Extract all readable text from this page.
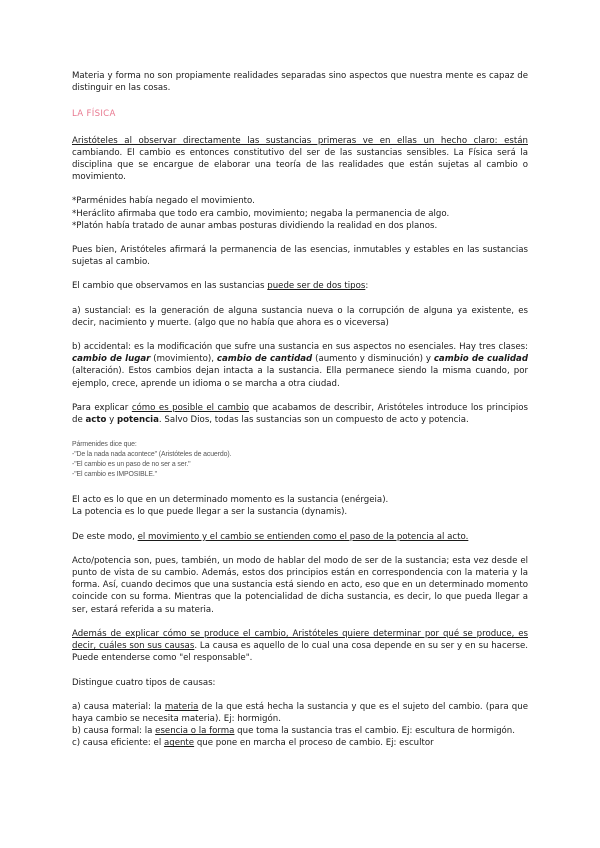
Materia y forma no son propiamente realidades separadas sino aspectos que nuestra mente es capaz de distinguir en las cosas.

LA FÍSICA

Aristóteles al observar directamente las sustancias primeras ve en ellas un hecho claro: están cambiando. El cambio es entonces constitutivo del ser de las sustancias sensibles. La Física será la disciplina que se encargue de elaborar una teoría de las realidades que están sujetas al cambio o movimiento.

*Parménides había negado el movimiento.

*Heráclito afirmaba que todo era cambio, movimiento; negaba la permanencia de algo.

*Platón había tratado de aunar ambas posturas dividiendo la realidad en dos planos.

Pues bien, Aristóteles afirmará la permanencia de las esencias, inmutables y estables en las sustancias sujetas al cambio.

El cambio que observamos en las sustancias puede ser de dos tipos:

a) sustancial: es la generación de alguna sustancia nueva o la corrupción de alguna ya existente, es decir, nacimiento y muerte. (algo que no había que ahora es o viceversa)

b) accidental: es la modificación que sufre una sustancia en sus aspectos no esenciales. Hay tres clases: cambio de lugar (movimiento), cambio de cantidad (aumento y disminución) y cambio de cualidad (alteración). Estos cambios dejan intacta a la sustancia. Ella permanece siendo la misma cuando, por ejemplo, crece, aprende un idioma o se marcha a otra ciudad.

Para explicar cómo es posible el cambio que acabamos de describir, Aristóteles introduce los principios de acto y potencia. Salvo Dios, todas las sustancias son un compuesto de acto y potencia.

Pármenides dice que:
-"De la nada nada acontece" (Aristóteles de acuerdo).
-"El cambio es un paso de no ser a ser."
-"El cambio es IMPOSIBLE."

El acto es lo que en un determinado momento es la sustancia (enérgeia).

La potencia es lo que puede llegar a ser la sustancia (dynamis).

De este modo, el movimiento y el cambio se entienden como el paso de la potencia al acto.

Acto/potencia son, pues, también, un modo de hablar del modo de ser de la sustancia; esta vez desde el punto de vista de su cambio. Además, estos dos principios están en correspondencia con la materia y la forma. Así, cuando decimos que una sustancia está siendo en acto, eso que en un determinado momento coincide con su forma. Mientras que la potencialidad de dicha sustancia, es decir, lo que pueda llegar a ser, estará referida a su materia.

Además de explicar cómo se produce el cambio, Aristóteles quiere determinar por qué se produce, es decir, cuáles son sus causas. La causa es aquello de lo cual una cosa depende en su ser y en su hacerse. Puede entenderse como "el responsable".

Distingue cuatro tipos de causas:

a) causa material: la materia de la que está hecha la sustancia y que es el sujeto del cambio. (para que haya cambio se necesita materia). Ej: hormigón.

b) causa formal: la esencia o la forma que toma la sustancia tras el cambio. Ej: escultura de hormigón.

c) causa eficiente: el agente que pone en marcha el proceso de cambio. Ej: escultor
